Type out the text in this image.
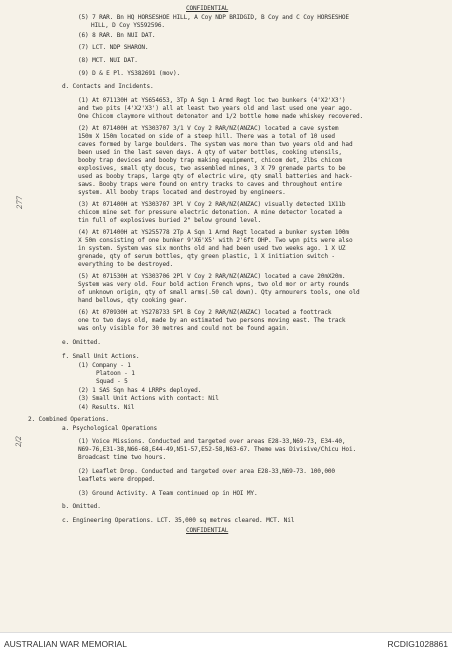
CONFIDENTIAL
(5) 7 RAR. Bn HQ HORSESHOE HILL, A Coy NDP BRIDGID, B Coy and C Coy HORSESHOE
HILL, D Coy YS592596.
(6) 8 RAR. Bn NUI DAT.
(7) LCT. NDP SHARON.
(8) MCT. NUI DAT.
(9) D & E Pl. YS382691 (mov).
d. Contacts and Incidents.
(1) At 071130H at YS654653, 3Tp A Sqn 1 Armd Regt loc two bunkers (4'X2'X3')
and two pits (4'X2'X3') all at least two years old and last used one year ago.
One Chicom claymore without detonator and 1/2 bottle home made whiskey recovered.
(2) At 071400H at YS303707 3/1 V Coy 2 RAR/NZ(ANZAC) located a cave system
150m X 150m located on side of a steep hill. There was a total of 10 used
caves formed by large boulders. The system was more than two years old and had
been used in the last seven days. A qty of water bottles, cooking utensils,
booby trap devices and booby trap making equipment, chicom det, 2lbs chicom
explosives, small qty docus, two assembled mines, 3 X 79 grenade parts to be
used as booby traps, large qty of electric wire, qty small batteries and hack-
saws. Booby traps were found on entry tracks to caves and throughout entire
system. All booby traps located and destroyed by engineers.
(3) At 071400H at YS303707 3Pl V Coy 2 RAR/NZ(ANZAC) visually detected 1X11b
chicom mine set for pressure electric detonation. A mine detector located a
tin full of explosives buried 2" below ground level.
(4) At 071400H at YS255778 2Tp A Sqn 1 Armd Regt located a bunker system 100m
X 50m consisting of one bunker 9'X6'X5' with 2'6ft OHP. Two wpn pits were also
in system. System was six months old and had been used two weeks ago. 1 X UZ
grenade, qty of serum bottles, qty green plastic, 1 X initiation switch -
everything to be destroyed.
(5) At 071530H at YS303706 2Pl V Coy 2 RAR/NZ(ANZAC) located a cave 20mX20m.
System was very old. Four bold action French wpns, two old mor or arty rounds
of unknown origin, qty of small arms(.50 cal down). Qty armourers tools, one old
hand bellows, qty cooking gear.
(6) At 070930H at YS278733 5Pl B Coy 2 RAR/NZ(ANZAC) located a foottrack
one to two days old, made by an estimated two persons moving east. The track
was only visible for 30 metres and could not be found again.
e. Omitted.
f. Small Unit Actions.
(1) Company - 1
Platoon - 1
Squad - 5
(2) 1 SAS Sqn has 4 LRRPs deployed.
(3) Small Unit Actions with contact: Nil
(4) Results. Nil
2. Combined Operations.
a. Psychological Operations
(1) Voice Missions. Conducted and targeted over areas E28-33,N69-73, E34-40,
N69-76,E31-38,N66-68,E44-49,N51-57,E52-58,N63-67. Theme was Divisive/Chicu Hoi.
Broadcast time two hours.
(2) Leaflet Drop. Conducted and targeted over area E28-33,N69-73. 100,000
leaflets were dropped.
(3) Ground Activity. A Team continued op in HOI MY.
b. Omitted.
c. Engineering Operations. LCT. 35,000 sq metres cleared. MCT. Nil
CONFIDENTIAL
277
2/2
AUSTRALIAN WAR MEMORIAL	RCDIG1028861
